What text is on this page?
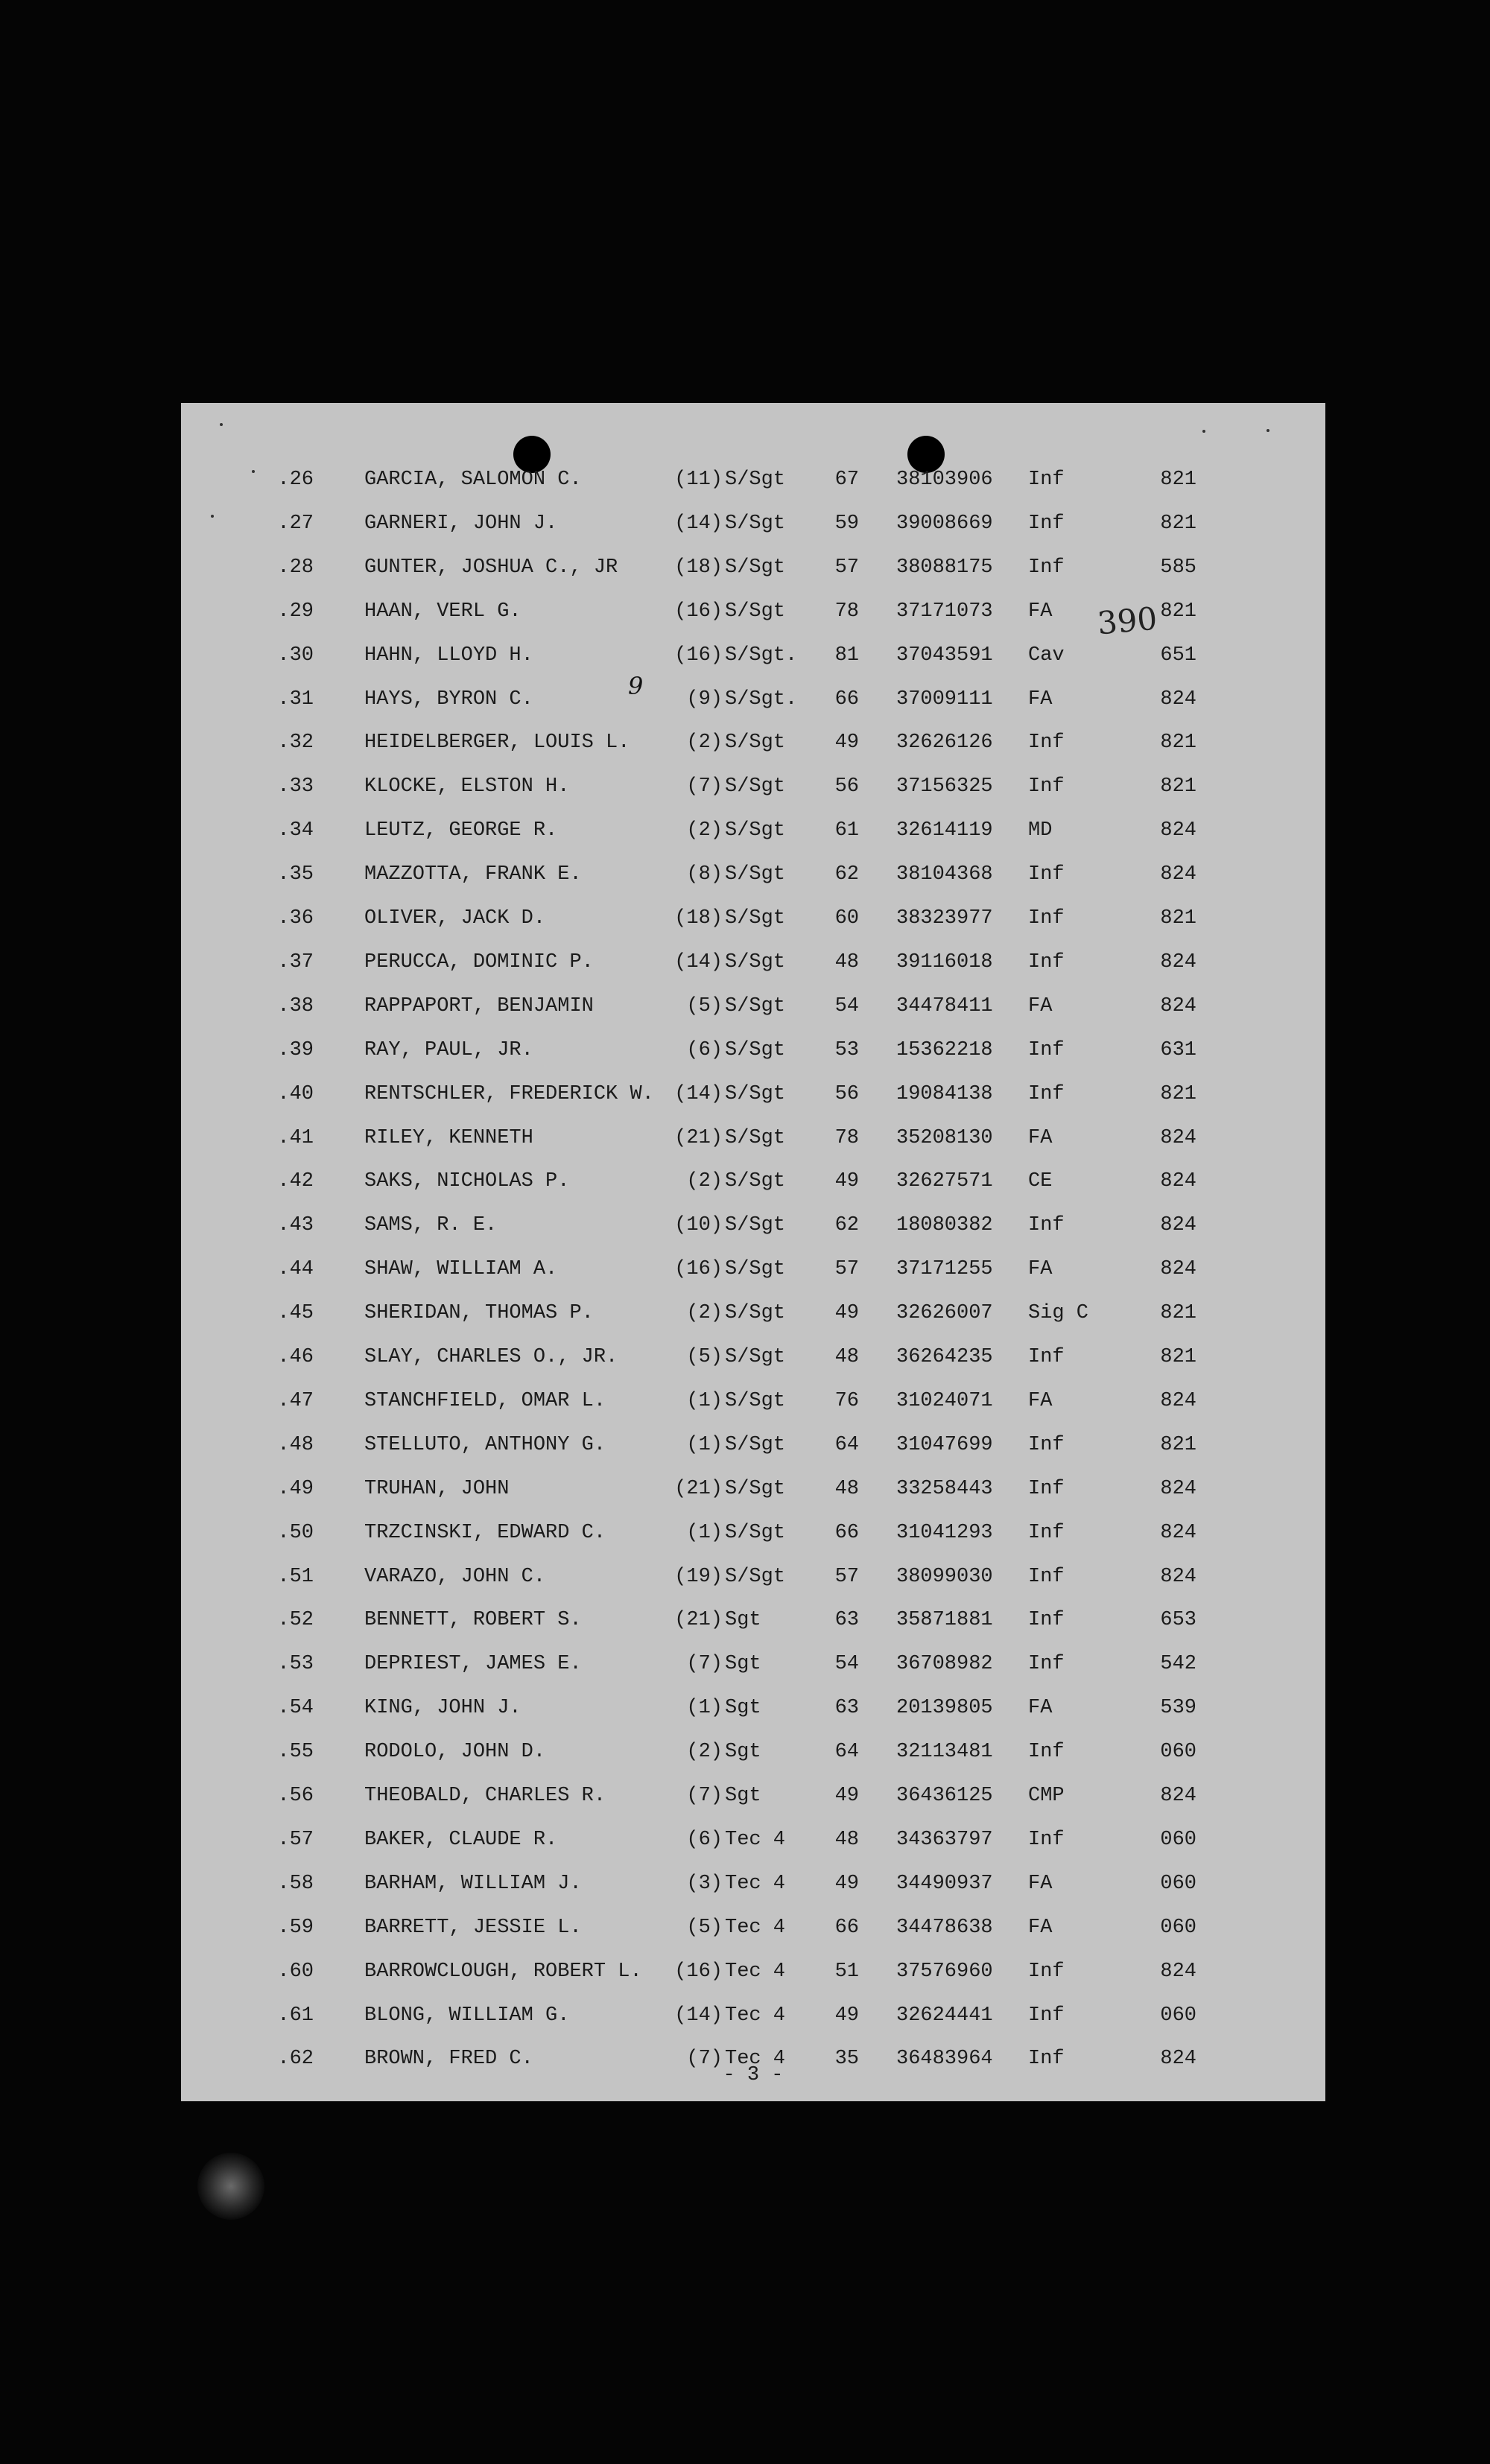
390
9
26.	GARCIA, SALOMON C.	(11) S/Sgt 67 38103906 Inf	821
27.	GARNERI, JOHN J.	(14) S/Sgt 59 39008669 Inf	821
28.	GUNTER, JOSHUA C., JR	(18) S/Sgt 57 38088175 Inf	585
29.	HAAN, VERL G.	(16) S/Sgt 78 37171073 FA	821
30.	HAHN, LLOYD H.	(16) S/Sgt. 81 37043591 Cav	651
31.	HAYS, BYRON C.	(9) S/Sgt. 66 37009111 FA	824
32.	HEIDELBERGER, LOUIS L.	(2) S/Sgt 49 32626126 Inf	821
33.	KLOCKE, ELSTON H.	(7) S/Sgt 56 37156325 Inf	821
34.	LEUTZ, GEORGE R.	(2) S/Sgt 61 32614119 MD	824
35.	MAZZOTTA, FRANK E.	(8) S/Sgt 62 38104368 Inf	824
36.	OLIVER, JACK D.	(18) S/Sgt 60 38323977 Inf	821
37.	PERUCCA, DOMINIC P.	(14) S/Sgt 48 39116018 Inf	824
38.	RAPPAPORT, BENJAMIN	(5) S/Sgt 54 34478411 FA	824
39.	RAY, PAUL, JR.	(6) S/Sgt 53 15362218 Inf	631
40.	RENTSCHLER, FREDERICK W.	(14) S/Sgt 56 19084138 Inf	821
41.	RILEY, KENNETH	(21) S/Sgt 78 35208130 FA	824
42.	SAKS, NICHOLAS P.	(2) S/Sgt 49 32627571 CE	824
43.	SAMS, R. E.	(10) S/Sgt 62 18080382 Inf	824
44.	SHAW, WILLIAM A.	(16) S/Sgt 57 37171255 FA	824
45.	SHERIDAN, THOMAS P.	(2) S/Sgt 49 32626007 Sig C	821
46.	SLAY, CHARLES O., JR.	(5) S/Sgt 48 36264235 Inf	821
47.	STANCHFIELD, OMAR L.	(1) S/Sgt 76 31024071 FA	824
48.	STELLUTO, ANTHONY G.	(1) S/Sgt 64 31047699 Inf	821
49.	TRUHAN, JOHN	(21) S/Sgt 48 33258443 Inf	824
50.	TRZCINSKI, EDWARD C.	(1) S/Sgt 66 31041293 Inf	824
51.	VARAZO, JOHN C.	(19) S/Sgt 57 38099030 Inf	824
52.	BENNETT, ROBERT S.	(21) Sgt	63 35871881 Inf	653
53.	DEPRIEST, JAMES E.	(7) Sgt	54 36708982 Inf	542
54.	KING, JOHN J.	(1) Sgt	63 20139805 FA	539
55.	RODOLO, JOHN D.	(2) Sgt	64 32113481 Inf	060
56.	THEOBALD, CHARLES R.	(7) Sgt	49 36436125 CMP	824
57.	BAKER, CLAUDE R.	(6) Tec 4 48 34363797 Inf	060
58.	BARHAM, WILLIAM J.	(3) Tec 4 49 34490937 FA	060
59.	BARRETT, JESSIE L.	(5) Tec 4 66 34478638 FA	060
60.	BARROWCLOUGH, ROBERT L.	(16) Tec 4 51 37576960 Inf	824
61.	BLONG, WILLIAM G.	(14) Tec 4 49 32624441 Inf	060
62.	BROWN, FRED C.	(7) Tec 4 35 36483964 Inf	824
- 3 -
